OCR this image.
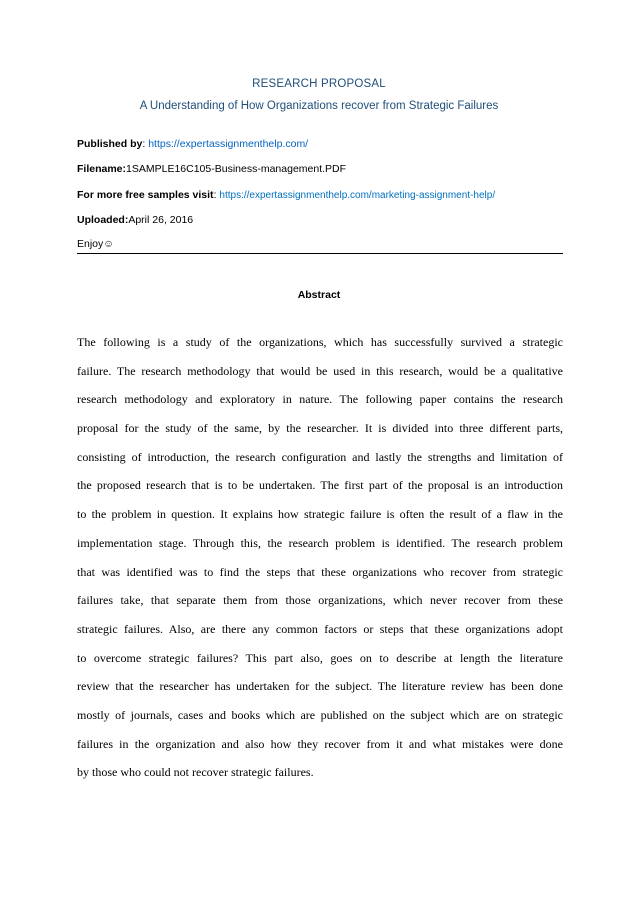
RESEARCH PROPOSAL
A Understanding of How Organizations recover from Strategic Failures
Published by: https://expertassignmenthelp.com/
Filename:1SAMPLE16C105-Business-management.PDF
For more free samples visit: https://expertassignmenthelp.com/marketing-assignment-help/
Uploaded:April 26, 2016
Enjoy☺
Abstract
The following is a study of the organizations, which has successfully survived a strategic
failure. The research methodology that would be used in this research, would be a qualitative
research methodology and exploratory in nature. The following paper contains the research
proposal for the study of the same, by the researcher. It is divided into three different parts,
consisting of introduction, the research configuration and lastly the strengths and limitation of
the proposed research that is to be undertaken. The first part of the proposal is an introduction
to the problem in question. It explains how strategic failure is often the result of a flaw in the
implementation stage. Through this, the research problem is identified. The research problem
that was identified was to find the steps that these organizations who recover from strategic
failures take, that separate them from those organizations, which never recover from these
strategic failures. Also, are there any common factors or steps that these organizations adopt
to overcome strategic failures? This part also, goes on to describe at length the literature
review that the researcher has undertaken for the subject. The literature review has been done
mostly of journals, cases and books which are published on the subject which are on strategic
failures in the organization and also how they recover from it and what mistakes were done
by those who could not recover strategic failures.
